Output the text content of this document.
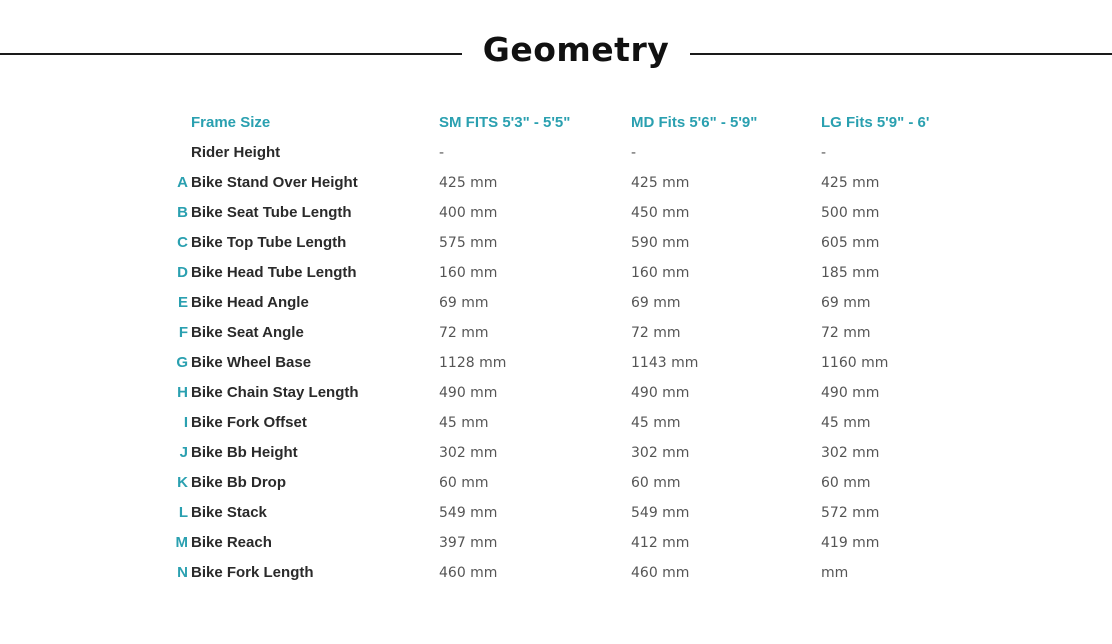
Geometry
Frame Size	SM FITS 5'3" - 5'5"	MD Fits 5'6" - 5'9"	LG Fits 5'9" - 6'
Rider Height	-	-	-
A Bike Stand Over Height	425 mm	425 mm	425 mm
B Bike Seat Tube Length	400 mm	450 mm	500 mm
C Bike Top Tube Length	575 mm	590 mm	605 mm
D Bike Head Tube Length	160 mm	160 mm	185 mm
E Bike Head Angle	69 mm	69 mm	69 mm
F Bike Seat Angle	72 mm	72 mm	72 mm
G Bike Wheel Base	1128 mm	1143 mm	1160 mm
H Bike Chain Stay Length	490 mm	490 mm	490 mm
I Bike Fork Offset	45 mm	45 mm	45 mm
J Bike Bb Height	302 mm	302 mm	302 mm
K Bike Bb Drop	60 mm	60 mm	60 mm
L Bike Stack	549 mm	549 mm	572 mm
M Bike Reach	397 mm	412 mm	419 mm
N Bike Fork Length	460 mm	460 mm	mm
